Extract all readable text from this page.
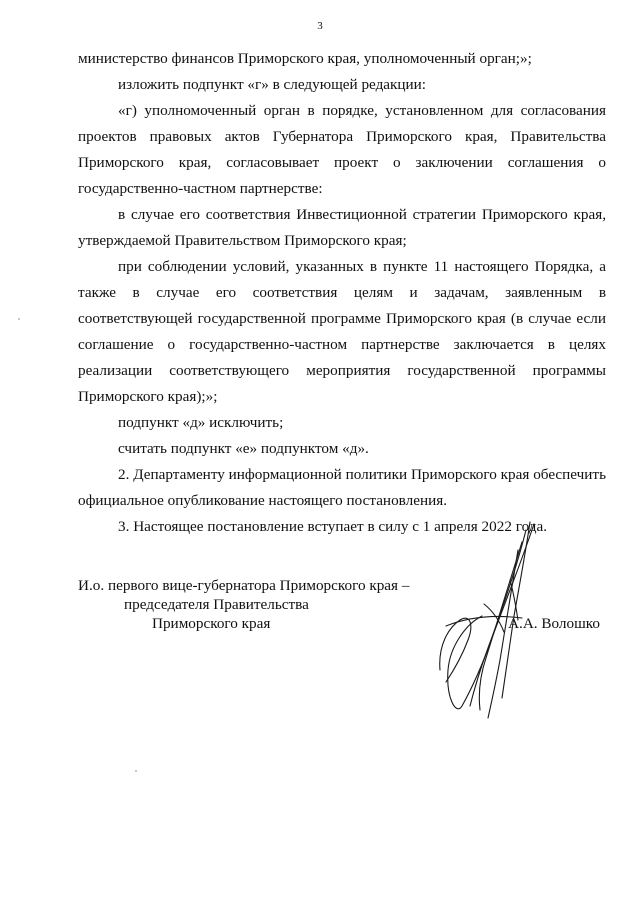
3

министерство финансов Приморского края, уполномоченный орган;»;

изложить подпункт «г» в следующей редакции:

«г) уполномоченный орган в порядке, установленном для согласования проектов правовых актов Губернатора Приморского края, Правительства Приморского края, согласовывает проект о заключении соглашения о государственно-частном партнерстве:

в случае его соответствия Инвестиционной стратегии Приморского края, утверждаемой Правительством Приморского края;

при соблюдении условий, указанных в пункте 11 настоящего Порядка, а также в случае его соответствия целям и задачам, заявленным в соответствующей государственной программе Приморского края (в случае если соглашение о государственно-частном партнерстве заключается в целях реализации соответствующего мероприятия государственной программы Приморского края);»;

подпункт «д» исключить;

считать подпункт «е» подпунктом «д».

2. Департаменту информационной политики Приморского края обеспечить официальное опубликование настоящего постановления.

3. Настоящее постановление вступает в силу с 1 апреля 2022 года.

И.о. первого вице-губернатора Приморского края –
председателя Правительства
Приморского края	А.А. Волошко
